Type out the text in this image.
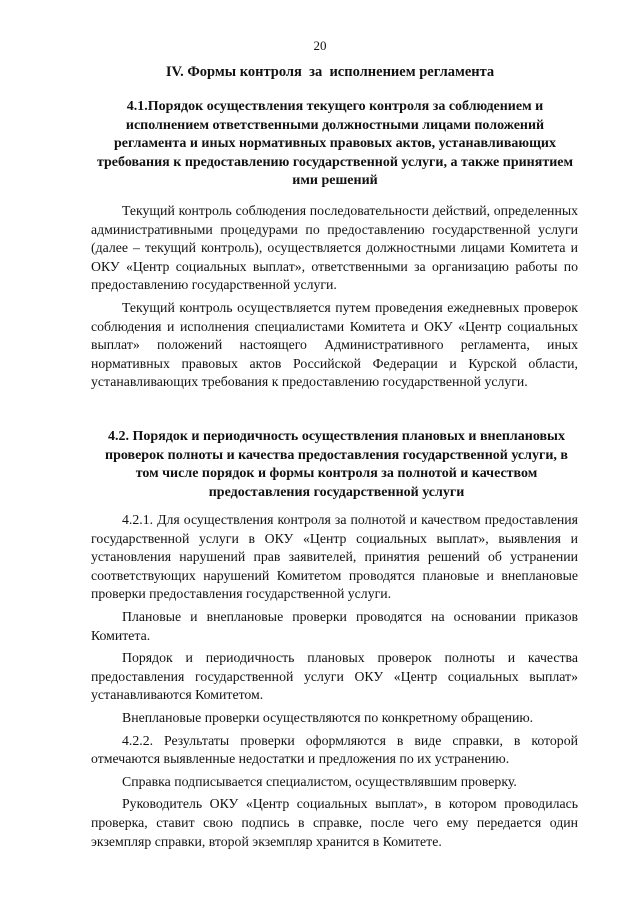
20
IV. Формы контроля  за  исполнением регламента
4.1.Порядок осуществления текущего контроля за соблюдением и исполнением ответственными должностными лицами положений регламента и иных нормативных правовых актов, устанавливающих требования к предоставлению государственной услуги, а также принятием ими решений

Текущий контроль соблюдения последовательности действий, определенных административными процедурами по предоставлению государственной услуги (далее – текущий контроль), осуществляется должностными лицами Комитета и ОКУ «Центр социальных выплат», ответственными за организацию работы по предоставлению государственной услуги.

Текущий контроль осуществляется путем проведения ежедневных проверок соблюдения и исполнения специалистами Комитета и ОКУ «Центр социальных выплат» положений настоящего Административного регламента, иных нормативных правовых актов Российской Федерации и Курской области, устанавливающих требования к предоставлению государственной услуги.

4.2. Порядок и периодичность осуществления плановых и внеплановых проверок полноты и качества предоставления государственной услуги, в том числе порядок и формы контроля за полнотой и качеством предоставления государственной услуги

4.2.1. Для осуществления контроля за полнотой и качеством предоставления государственной услуги в ОКУ «Центр социальных выплат», выявления и установления нарушений прав заявителей, принятия решений об устранении соответствующих нарушений Комитетом проводятся плановые и внеплановые проверки предоставления государственной услуги.

Плановые и внеплановые проверки проводятся на основании приказов Комитета.

Порядок и периодичность плановых проверок полноты и качества предоставления государственной услуги ОКУ «Центр социальных выплат» устанавливаются Комитетом.

Внеплановые проверки осуществляются по конкретному обращению.

4.2.2. Результаты проверки оформляются в виде справки, в которой отмечаются выявленные недостатки и предложения по их устранению.

Справка подписывается специалистом, осуществлявшим проверку.

Руководитель ОКУ «Центр социальных выплат», в котором проводилась проверка, ставит свою подпись в справке, после чего ему передается один экземпляр справки, второй экземпляр хранится в Комитете.
